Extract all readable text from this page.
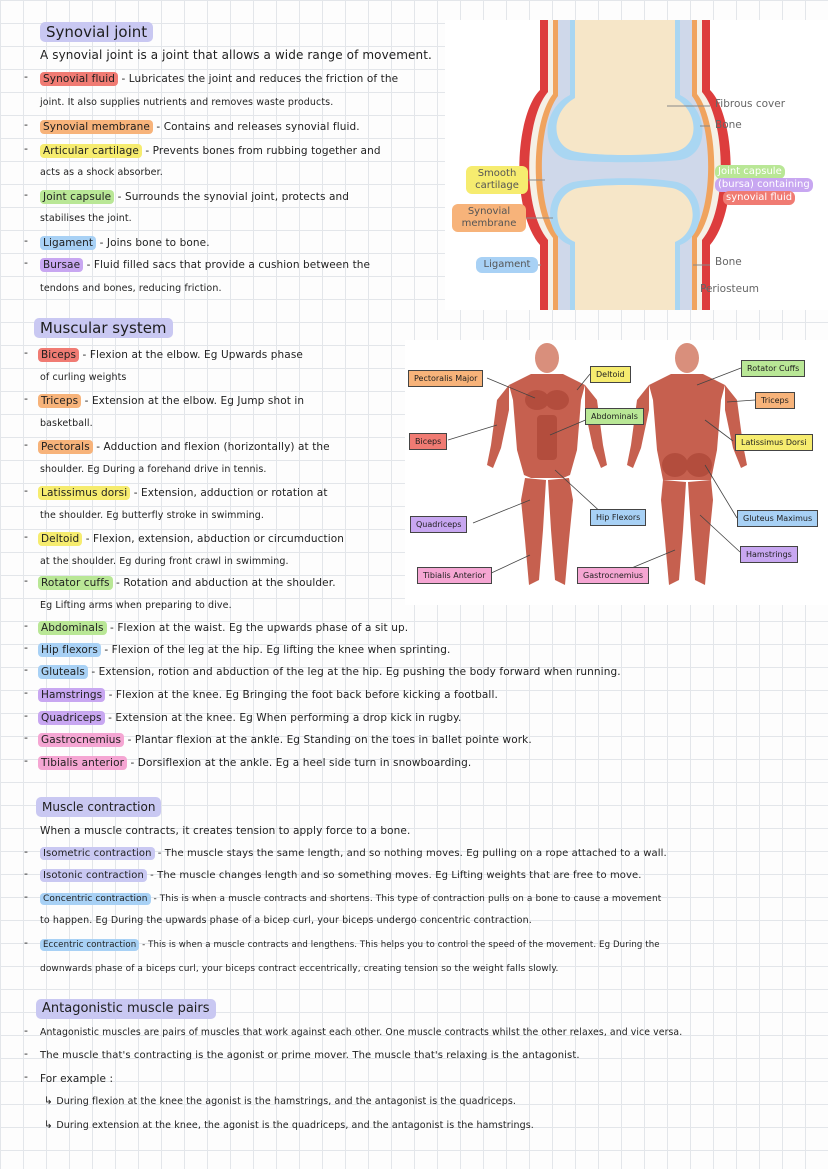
Synovial joint
A synovial joint is a joint that allows a wide range of movement.
- Synovial fluid - Lubricates the joint and reduces the friction of the
joint. It also supplies nutrients and removes waste products.
- Synovial membrane - Contains and releases synovial fluid.
- Articular cartilage - Prevents bones from rubbing together and
acts as a shock absorber.
- Joint capsule - Surrounds the synovial joint, protects and
stabilises the joint.
- Ligament - Joins bone to bone.
- Bursae - Fluid filled sacs that provide a cushion between the
tendons and bones, reducing friction.
Fibrous cover
Bone
Joint capsule
(bursa) containing
synovial fluid
Bone
Periosteum
Smooth
cartilage
Synovial
membrane
Ligament
Muscular system
- Biceps - Flexion at the elbow. Eg Upwards phase
of curling weights
- Triceps - Extension at the elbow. Eg Jump shot in
basketball.
- Pectorals - Adduction and flexion (horizontally) at the
shoulder. Eg During a forehand drive in tennis.
- Latissimus dorsi - Extension, adduction or rotation at
the shoulder. Eg butterfly stroke in swimming.
- Deltoid - Flexion, extension, abduction or circumduction
at the shoulder. Eg during front crawl in swimming.
- Rotator cuffs - Rotation and abduction at the shoulder.
Eg Lifting arms when preparing to dive.
- Abdominals - Flexion at the waist. Eg the upwards phase of a sit up.
- Hip flexors - Flexion of the leg at the hip. Eg lifting the knee when sprinting.
- Gluteals - Extension, rotion and abduction of the leg at the hip. Eg pushing the body forward when running.
- Hamstrings - Flexion at the knee. Eg Bringing the foot back before kicking a football.
- Quadriceps - Extension at the knee. Eg When performing a drop kick in rugby.
- Gastrocnemius - Plantar flexion at the ankle. Eg Standing on the toes in ballet pointe work.
- Tibialis anterior - Dorsiflexion at the ankle. Eg a heel side turn in snowboarding.
Pectoralis Major
Biceps
Quadriceps
Tibialis Anterior
Deltoid
Abdominals
Hip Flexors
Gastrocnemius
Rotator Cuffs
Triceps
Latissimus Dorsi
Gluteus Maximus
Hamstrings
Muscle contraction
When a muscle contracts, it creates tension to apply force to a bone.
-	Isometric contraction - The muscle stays the same length, and so nothing moves. Eg pulling on a rope attached to a wall.
-	Isotonic contraction - The muscle changes length and so something moves. Eg Lifting weights that are free to move.
-	Concentric contraction - This is when a muscle contracts and shortens. This type of contraction pulls on a bone to cause a movement
to happen. Eg During the upwards phase of a bicep curl, your biceps undergo concentric contraction.
-	Eccentric contraction - This is when a muscle contracts and lengthens. This helps you to control the speed of the movement. Eg During the
downwards phase of a biceps curl, your biceps contract eccentrically, creating tension so the weight falls slowly.
Antagonistic muscle pairs
- Antagonistic muscles are pairs of muscles that work against each other. One muscle contracts whilst the other relaxes, and vice versa.
- The muscle that's contracting is the agonist or prime mover. The muscle that's relaxing is the antagonist.
- For example :
↳ During flexion at the knee the agonist is the hamstrings, and the antagonist is the quadriceps.
↳ During extension at the knee, the agonist is the quadriceps, and the antagonist is the hamstrings.
